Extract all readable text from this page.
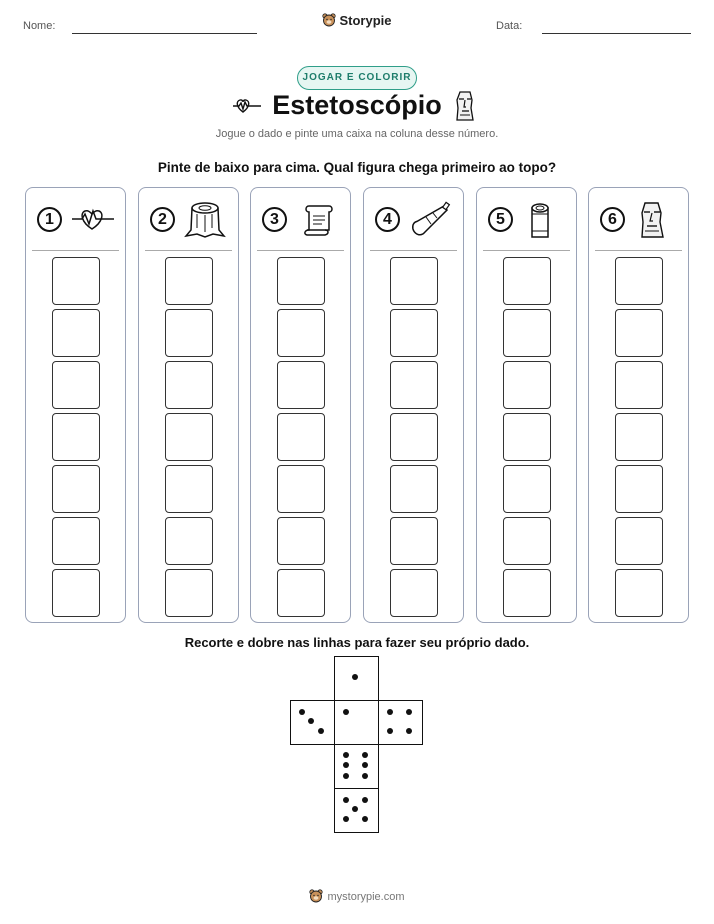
Nome:	Storypie	Data:
JOGAR E COLORIR
Estetoscópio
Jogue o dado e pinte uma caixa na coluna desse número.
Pinte de baixo para cima. Qual figura chega primeiro ao topo?
1	2	3	4	5	6
Recorte e dobre nas linhas para fazer seu próprio dado.
mystorypie.com
